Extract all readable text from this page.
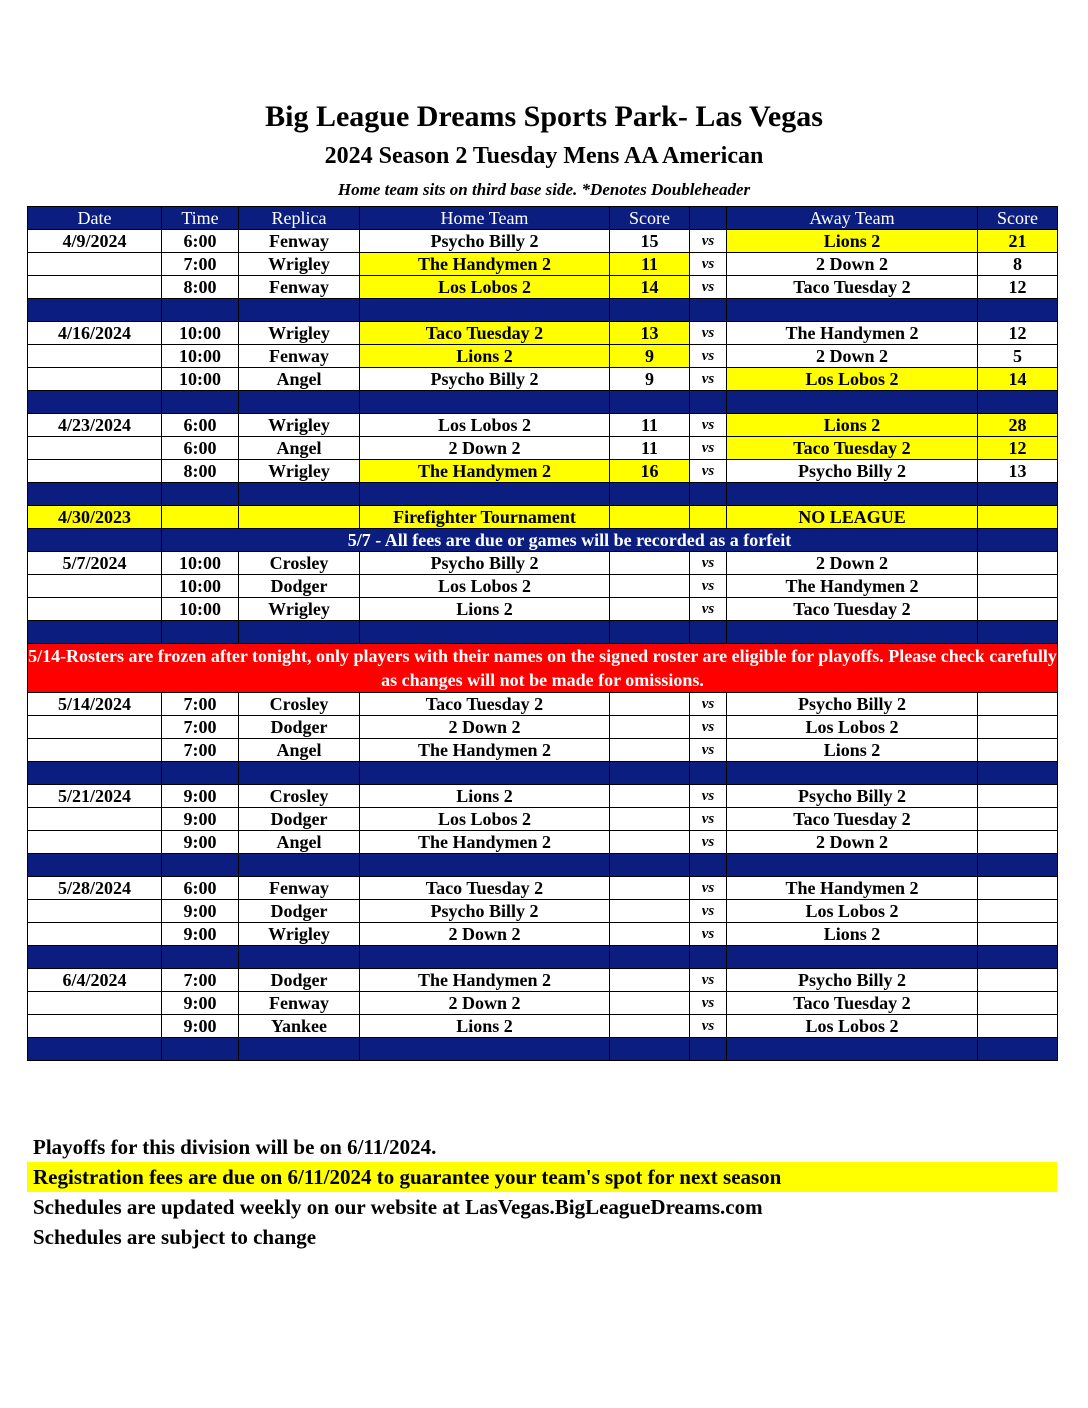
Big League Dreams Sports Park- Las Vegas
2024 Season 2 Tuesday Mens AA American
Home team sits on third base side. *Denotes Doubleheader
Date	Time	Replica	Home Team	Score		Away Team	Score
4/9/2024	6:00	Fenway	Psycho Billy 2	15	vs	Lions 2	21
	7:00	Wrigley	The Handymen 2	11	vs	2 Down 2	8
	8:00	Fenway	Los Lobos 2	14	vs	Taco Tuesday 2	12

4/16/2024	10:00	Wrigley	Taco Tuesday 2	13	vs	The Handymen 2	12
	10:00	Fenway	Lions 2	9	vs	2 Down 2	5
	10:00	Angel	Psycho Billy 2	9	vs	Los Lobos 2	14

4/23/2024	6:00	Wrigley	Los Lobos 2	11	vs	Lions 2	28
	6:00	Angel	2 Down 2	11	vs	Taco Tuesday 2	12
	8:00	Wrigley	The Handymen 2	16	vs	Psycho Billy 2	13

4/30/2023			Firefighter Tournament			NO LEAGUE	
	5/7 - All fees are due or games will be recorded as a forfeit						
5/7/2024	10:00	Crosley	Psycho Billy 2		vs	2 Down 2	
	10:00	Dodger	Los Lobos 2		vs	The Handymen 2	
	10:00	Wrigley	Lions 2		vs	Taco Tuesday 2	

5/14-Rosters are frozen after tonight, only players with their names on the signed roster are eligible for playoffs. Please check carefully as changes will not be made for omissions.							
5/14/2024	7:00	Crosley	Taco Tuesday 2		vs	Psycho Billy 2	
	7:00	Dodger	2 Down 2		vs	Los Lobos 2	
	7:00	Angel	The Handymen 2		vs	Lions 2	

5/21/2024	9:00	Crosley	Lions 2		vs	Psycho Billy 2	
	9:00	Dodger	Los Lobos 2		vs	Taco Tuesday 2	
	9:00	Angel	The Handymen 2		vs	2 Down 2	

5/28/2024	6:00	Fenway	Taco Tuesday 2		vs	The Handymen 2	
	9:00	Dodger	Psycho Billy 2		vs	Los Lobos 2	
	9:00	Wrigley	2 Down 2		vs	Lions 2	

6/4/2024	7:00	Dodger	The Handymen 2		vs	Psycho Billy 2	
	9:00	Fenway	2 Down 2		vs	Taco Tuesday 2	
	9:00	Yankee	Lions 2		vs	Los Lobos 2	

Playoffs for this division will be on 6/11/2024.
Registration fees are due on 6/11/2024 to guarantee your team's spot for next season
Schedules are updated weekly on our website at LasVegas.BigLeagueDreams.com
Schedules are subject to change
